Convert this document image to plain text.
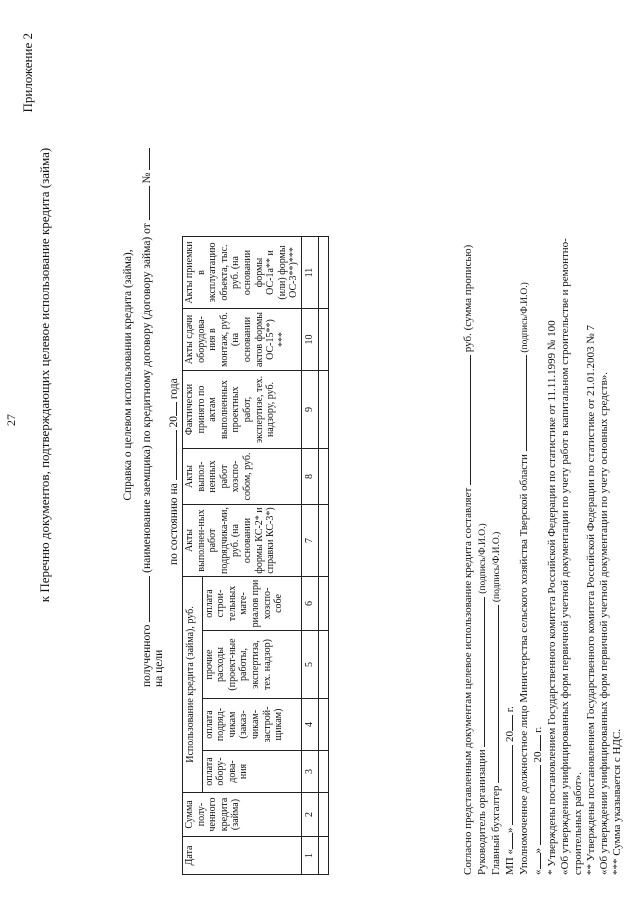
27
Приложение 2
к Перечню документов, подтверждающих целевое использование кредита (займа)	Справка о целевом использовании кредита (займа),
полученного  (наименование заемщика) по кредитному договору (договору займа) от  №
на цели
по состоянию на  20 года
Дата	Сумма полу-ченного кредита (займа)	Использование кредита (займа), руб.				Акты выполнен-ных работ подрядчика-ми, руб. (на основании формы КС-2* и справки КС-3*)	Акты выпол-ненных работ хозспо-собом, руб.	Фактически принято по актам выполненных проектных работ, экспертизе, тех. надзору, руб.	Акты сдачи оборудова-ния в монтаж, руб. (на основании актов формы ОС-15**) ***	Акты приемки в эксплуатацию объекта, тыс. руб. (на основании формы ОС-1а** и (или) формы ОС-3**)***
		оплата обору-дова-ния	оплата подряд-чикам (заказ-чикам-застрой-щикам)	прочие расходы (проект-ные работы, экспертиза, тех. надзор)	оплата строи-тельных мате-риалов при хозспо-собе					
1	2	3	4	5	6	7	8	9	10	11

Согласно представленным документам целевое использование кредита составляет  руб. (сумма прописью)
Руководитель организации  (подпись/Ф.И.О.)
Главный бухгалтер  (подпись/Ф.И.О.)
МП «»  20 г. Уполномоченное должностное лицо Министерства сельского хозяйства Тверской области  (подпись/Ф.И.О.)
«»  20 г. * Утверждены постановлением Государственного комитета Российской Федерации по статистике от 11.11.1999 № 100 «Об утверждении унифицированных форм первичной учетной документации по учету работ в капитальном строительстве и ремонтно- строительных работ». ** Утверждены постановлением Государственного комитета Российской Федерации по статистике от 21.01.2003 № 7 «Об утверждении унифицированных форм первичной учетной документации по учету основных средств». *** Сумма указывается с НДС.
